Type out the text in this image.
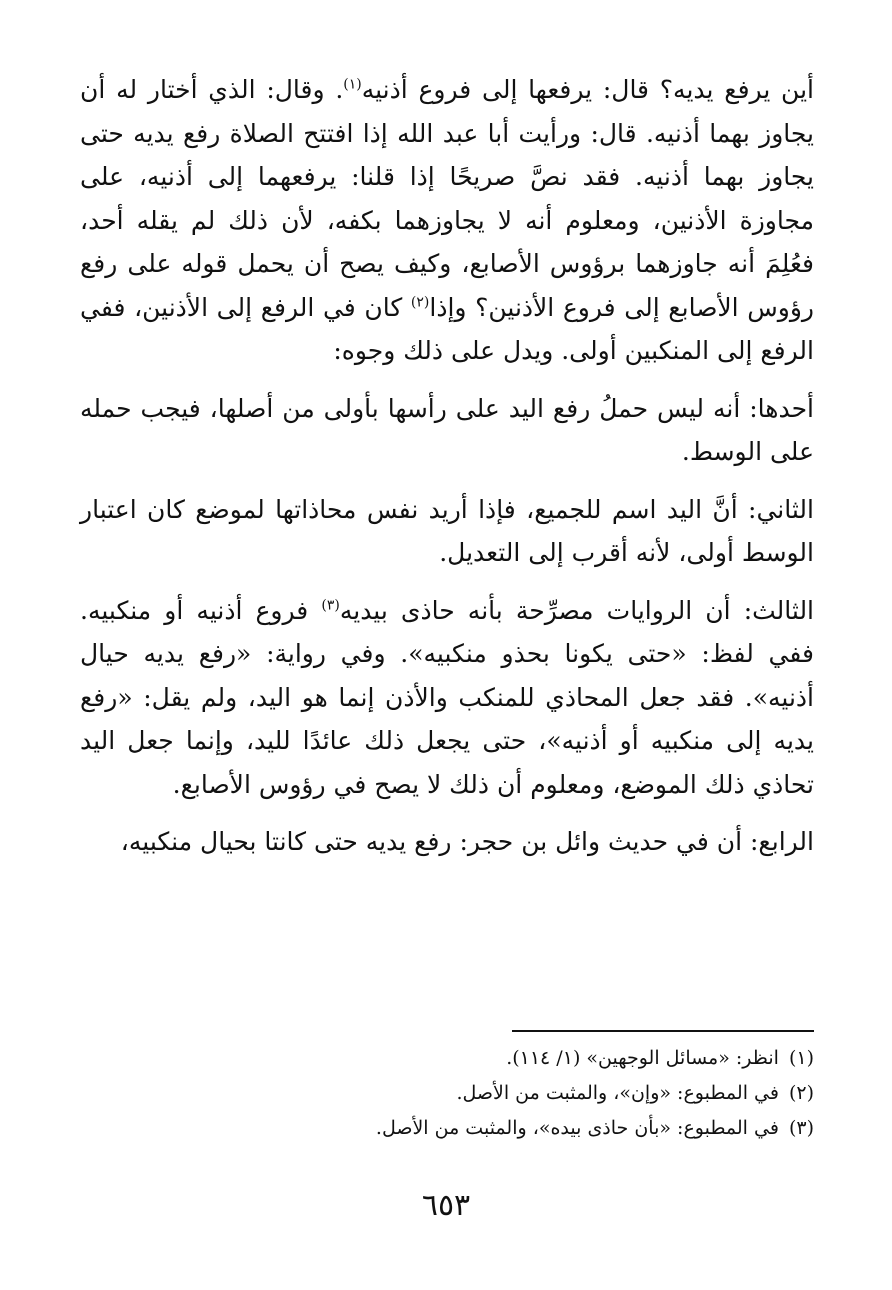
أين يرفع يديه؟ قال: يرفعها إلى فروع أذنيه$^{(١)}$. وقال: الذي أختار له أن يجاوز بهما أذنيه. قال: ورأيت أبا عبد الله إذا افتتح الصلاة رفع يديه حتى يجاوز بهما أذنيه. فقد نصَّ صريحًا إذا قلنا: يرفعهما إلى أذنيه، على مجاوزة الأذنين، ومعلوم أنه لا يجاوزهما بكفه، لأن ذلك لم يقله أحد، فعُلِمَ أنه جاوزهما برؤوس الأصابع، وكيف يصح أن يحمل قوله على رفع رؤوس الأصابع إلى فروع الأذنين؟ وإذا$^{(٢)}$ كان في الرفع إلى الأذنين، ففي الرفع إلى المنكبين أولى. ويدل على ذلك وجوه:

أحدها: أنه ليس حملُ رفع اليد على رأسها بأولى من أصلها، فيجب حمله على الوسط.

الثاني: أنَّ اليد اسم للجميع، فإذا أريد نفس محاذاتها لموضع كان اعتبار الوسط أولى، لأنه أقرب إلى التعديل.

الثالث: أن الروايات مصرِّحة بأنه حاذى بيديه$^{(٣)}$ فروع أذنيه أو منكبيه. ففي لفظ: «حتى يكونا بحذو منكبيه». وفي رواية: «رفع يديه حيال أذنيه». فقد جعل المحاذي للمنكب والأذن إنما هو اليد، ولم يقل: «رفع يديه إلى منكبيه أو أذنيه»، حتى يجعل ذلك عائدًا لليد، وإنما جعل اليد تحاذي ذلك الموضع، ومعلوم أن ذلك لا يصح في رؤوس الأصابع.

الرابع: أن في حديث وائل بن حجر: رفع يديه حتى كانتا بحيال منكبيه،

(١)
انظر: «مسائل الوجهين» (١/ ١١٤).
(٢)
في المطبوع: «وإن»، والمثبت من الأصل.
(٣)
في المطبوع: «بأن حاذى بيده»، والمثبت من الأصل.
٦٥٣
